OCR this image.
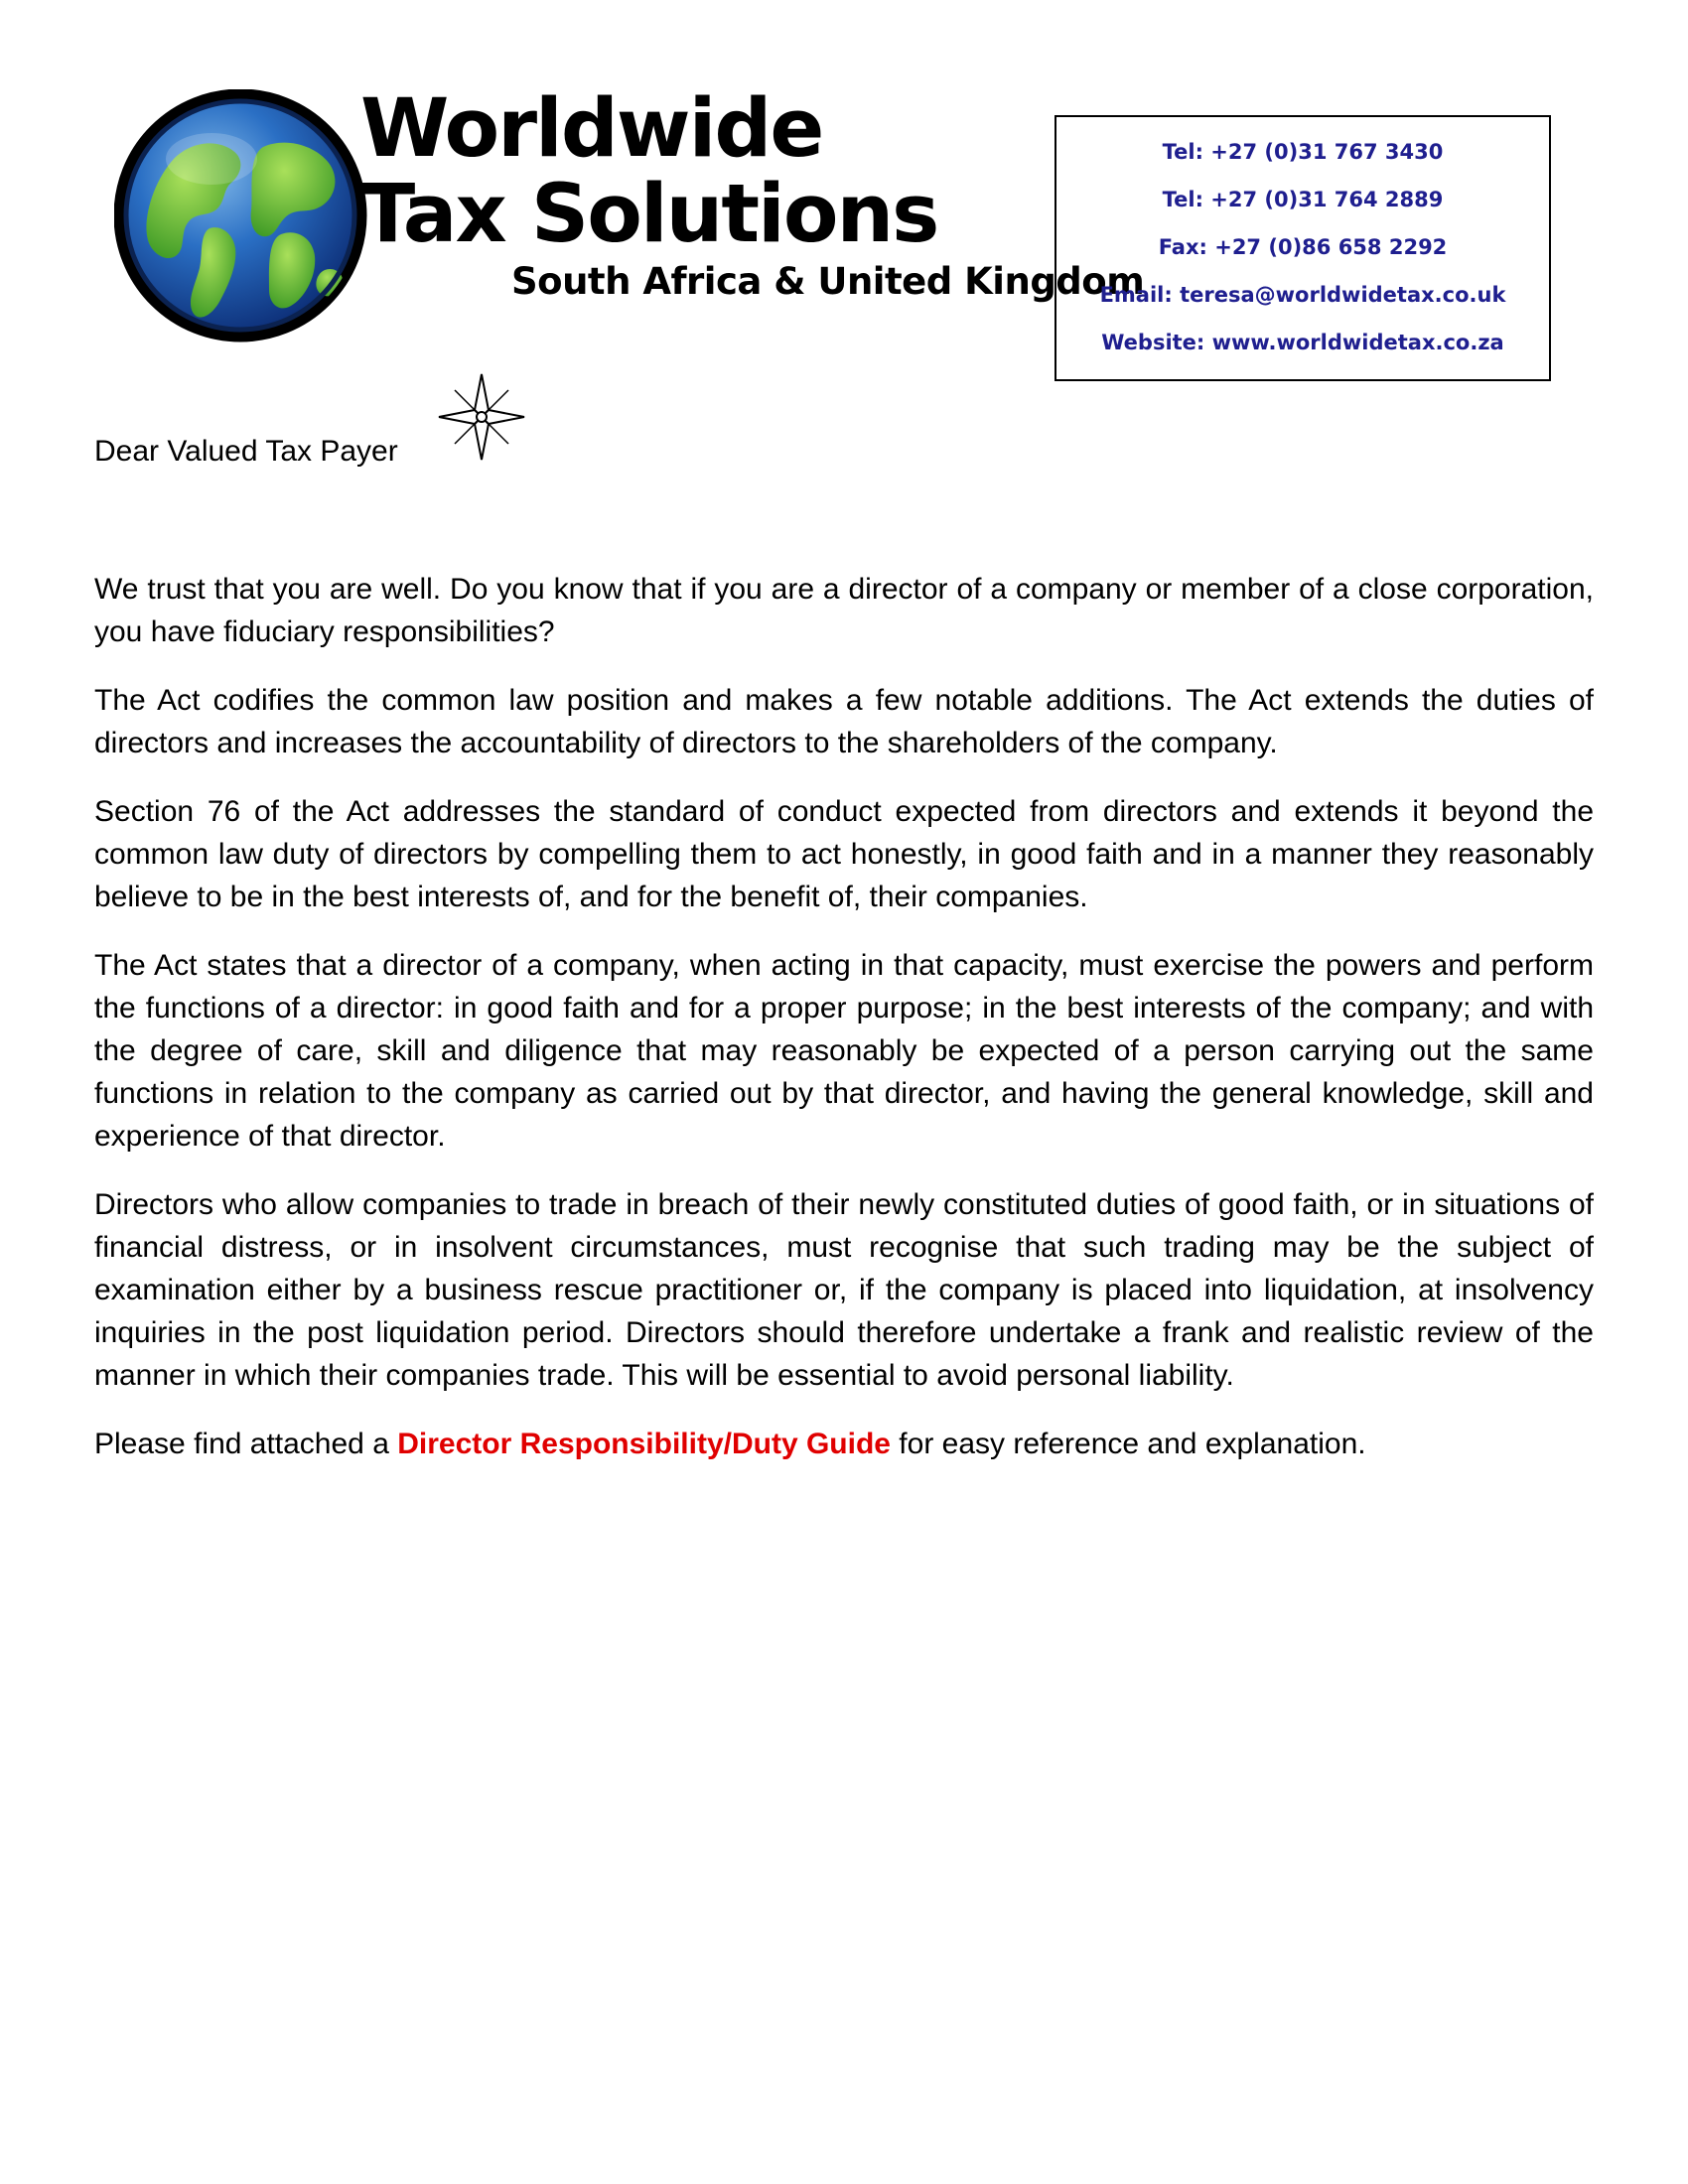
Worldwide
Tax Solutions
South Africa & United Kingdom
Tel: +27 (0)31 767 3430
Tel: +27 (0)31 764 2889
Fax: +27 (0)86 658 2292
Email: teresa@worldwidetax.co.uk
Website: www.worldwidetax.co.za
Dear Valued Tax Payer

We trust that you are well. Do you know that if you are a director of a company or member of a close corporation, you have fiduciary responsibilities?

The Act codifies the common law position and makes a few notable additions. The Act extends the duties of directors and increases the accountability of directors to the shareholders of the company.

Section 76 of the Act addresses the standard of conduct expected from directors and extends it beyond the common law duty of directors by compelling them to act honestly, in good faith and in a manner they reasonably believe to be in the best interests of, and for the benefit of, their companies.

The Act states that a director of a company, when acting in that capacity, must exercise the powers and perform the functions of a director: in good faith and for a proper purpose; in the best interests of the company; and with the degree of care, skill and diligence that may reasonably be expected of a person carrying out the same functions in relation to the company as carried out by that director, and having the general knowledge, skill and experience of that director.

Directors who allow companies to trade in breach of their newly constituted duties of good faith, or in situations of financial distress, or in insolvent circumstances, must recognise that such trading may be the subject of examination either by a business rescue practitioner or, if the company is placed into liquidation, at insolvency inquiries in the post liquidation period. Directors should therefore undertake a frank and realistic review of the manner in which their companies trade. This will be essential to avoid personal liability.

Please find attached a Director Responsibility/Duty Guide for easy reference and explanation.
